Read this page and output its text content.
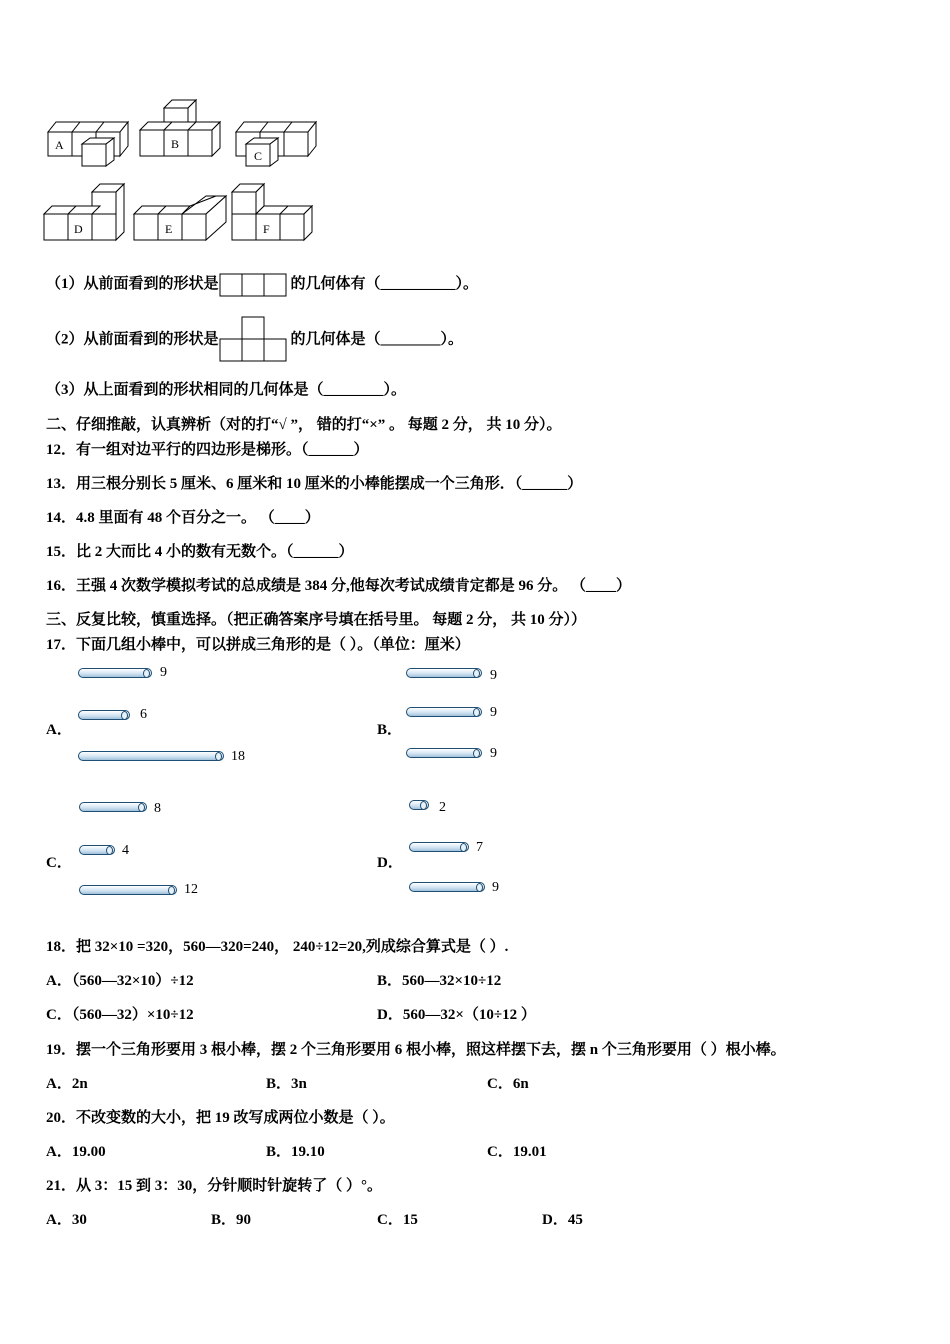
A	B
C
D	E	F
（1）从前面看到的形状是	的几何体有（__________）。
（2）从前面看到的形状是	的几何体是（________）。
（3）从上面看到的形状相同的几何体是（________）。
二、仔细推敲，认真辨析（对的打“√ ”， 错的打“×” 。 每题 2 分， 共 10 分）。
12．有一组对边平行的四边形是梯形。（______）
13．用三根分别长 5 厘米、6 厘米和 10 厘米的小棒能摆成一个三角形．（______）
14．4.8 里面有 48 个百分之一。 （____）
15．比 2 大而比 4 小的数有无数个。（______）
16．王强 4 次数学模拟考试的总成绩是 384 分,他每次考试成绩肯定都是 96 分。 （____）
三、反复比较，慎重选择。（把正确答案序号填在括号里。 每题 2 分， 共 10 分））
17．下面几组小棒中，可以拼成三角形的是（ ）。（单位：厘米）
A．
9
6
18
B．
9
9
9
C．
8
4
12
D．
2
7
9
18．把 32×10 =320，560—320=240， 240÷12=20,列成综合算式是（ ）.
A．（560—32×10）÷12	B．560—32×10÷12
C．（560—32）×10÷12	D．560—32×（10÷12 ）
19．摆一个三角形要用 3 根小棒，摆 2 个三角形要用 6 根小棒，照这样摆下去，摆 n 个三角形要用（ ）根小棒。
A．2n	B．3n	C．6n
20．不改变数的大小，把 19 改写成两位小数是（ ）。
A．19.00	B．19.10	C．19.01
21．从 3：15 到 3：30，分针顺时针旋转了（ ）°。
A．30	B．90	C．15	D．45
